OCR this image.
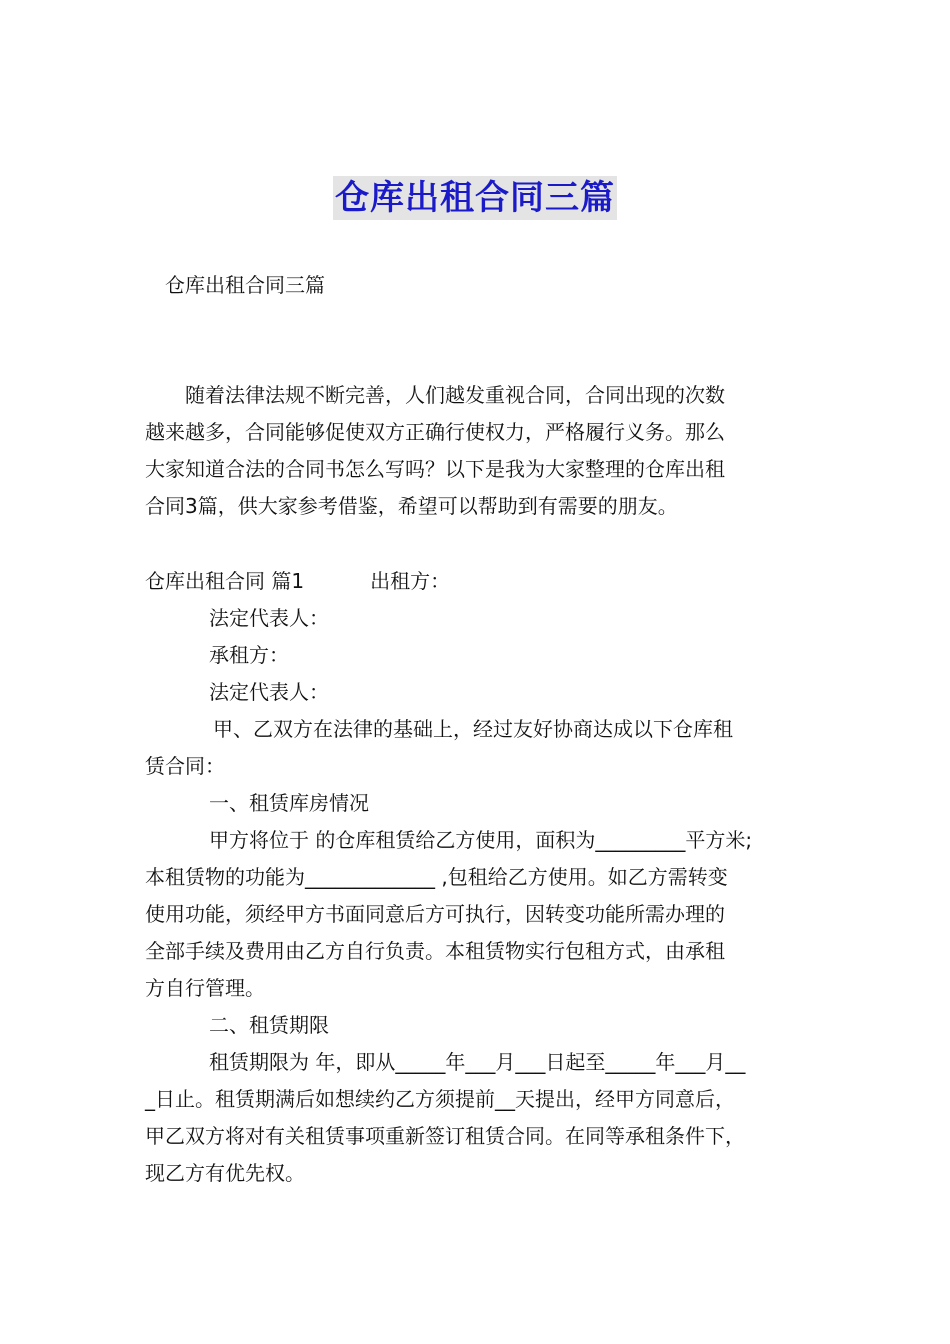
仓库出租合同三篇
仓库出租合同三篇
随着法律法规不断完善，人们越发重视合同，合同出现的次数
越来越多，合同能够促使双方正确行使权力，严格履行义务。那么
大家知道合法的合同书怎么写吗？以下是我为大家整理的仓库出租
合同3篇，供大家参考借鉴，希望可以帮助到有需要的朋友。
仓库出租合同 篇1	出租方：
法定代表人：
承租方：
法定代表人：
甲、乙双方在法律的基础上，经过友好协商达成以下仓库租
赁合同：
一、租赁库房情况
甲方将位于 的仓库租赁给乙方使用，面积为_________平方米;
本租赁物的功能为_____________ ,包租给乙方使用。如乙方需转变
使用功能，须经甲方书面同意后方可执行，因转变功能所需办理的
全部手续及费用由乙方自行负责。本租赁物实行包租方式，由承租
方自行管理。
二、租赁期限
租赁期限为 年，即从_____年___月___日起至_____年___月__
_日止。租赁期满后如想续约乙方须提前__天提出，经甲方同意后，
甲乙双方将对有关租赁事项重新签订租赁合同。在同等承租条件下，
现乙方有优先权。
